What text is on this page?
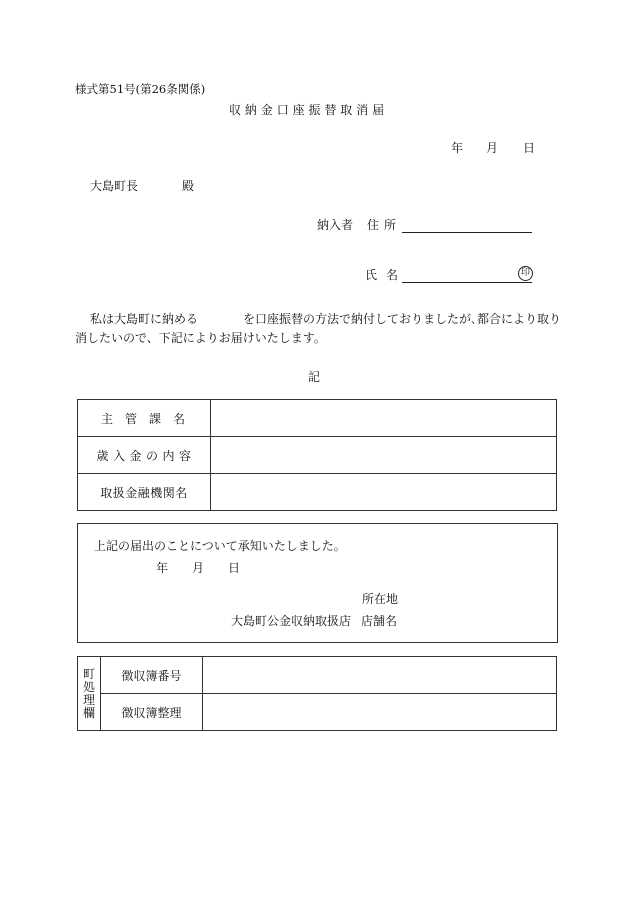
様式第51号(第26条関係)
収納金口座振替取消届
年 月 日
大島町長	殿
納入者 住所
氏名	印
私は大島町に納める	を口座振替の方法で納付しておりましたが､都合により取り
消したいので、下記によりお届けいたします。
記
主管課名	
歳入金の内容	
取扱金融機関名	
上記の届出のことについて承知いたしました。
年 月 日
所在地
大島町公金収納取扱店 店舗名
町
処
理
欄	徴収簿番号	
	徴収簿整理	
